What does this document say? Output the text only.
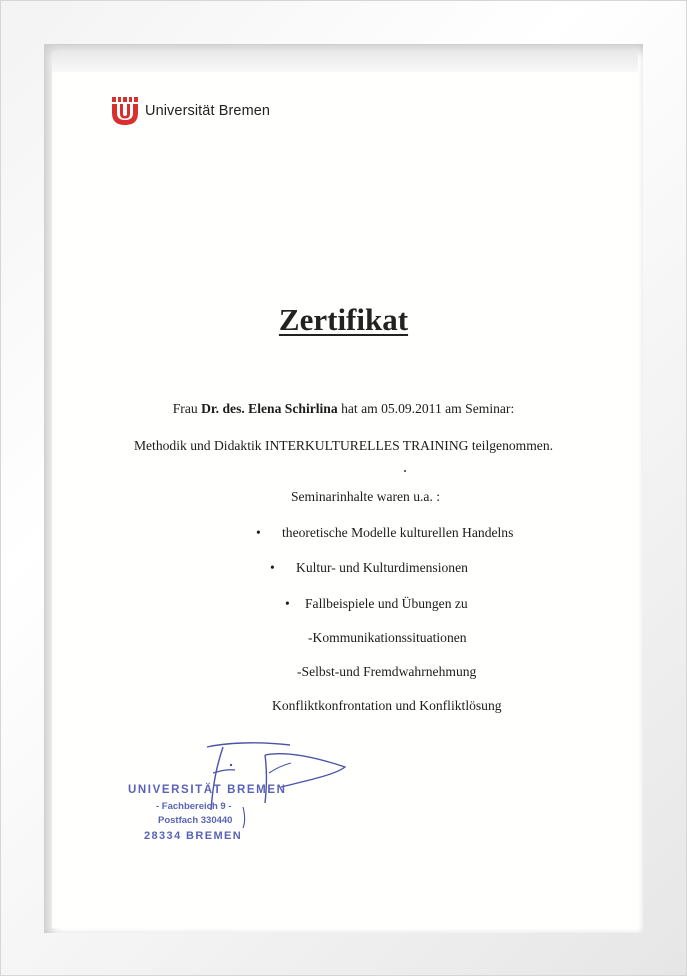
Universität Bremen
Zertifikat
Frau Dr. des. Elena Schirlina hat am 05.09.2011 am Seminar:
Methodik und Didaktik INTERKULTURELLES TRAINING teilgenommen.
Seminarinhalte waren u.a. :
• theoretische Modelle kulturellen Handelns
• Kultur- und Kulturdimensionen
• Fallbeispiele und Übungen zu
-Kommunikationssituationen
-Selbst-und Fremdwahrnehmung
Konfliktkonfrontation und Konfliktlösung
UNIVERSITÄT BREMEN
- Fachbereich 9 -
Postfach 330440
28334 BREMEN
